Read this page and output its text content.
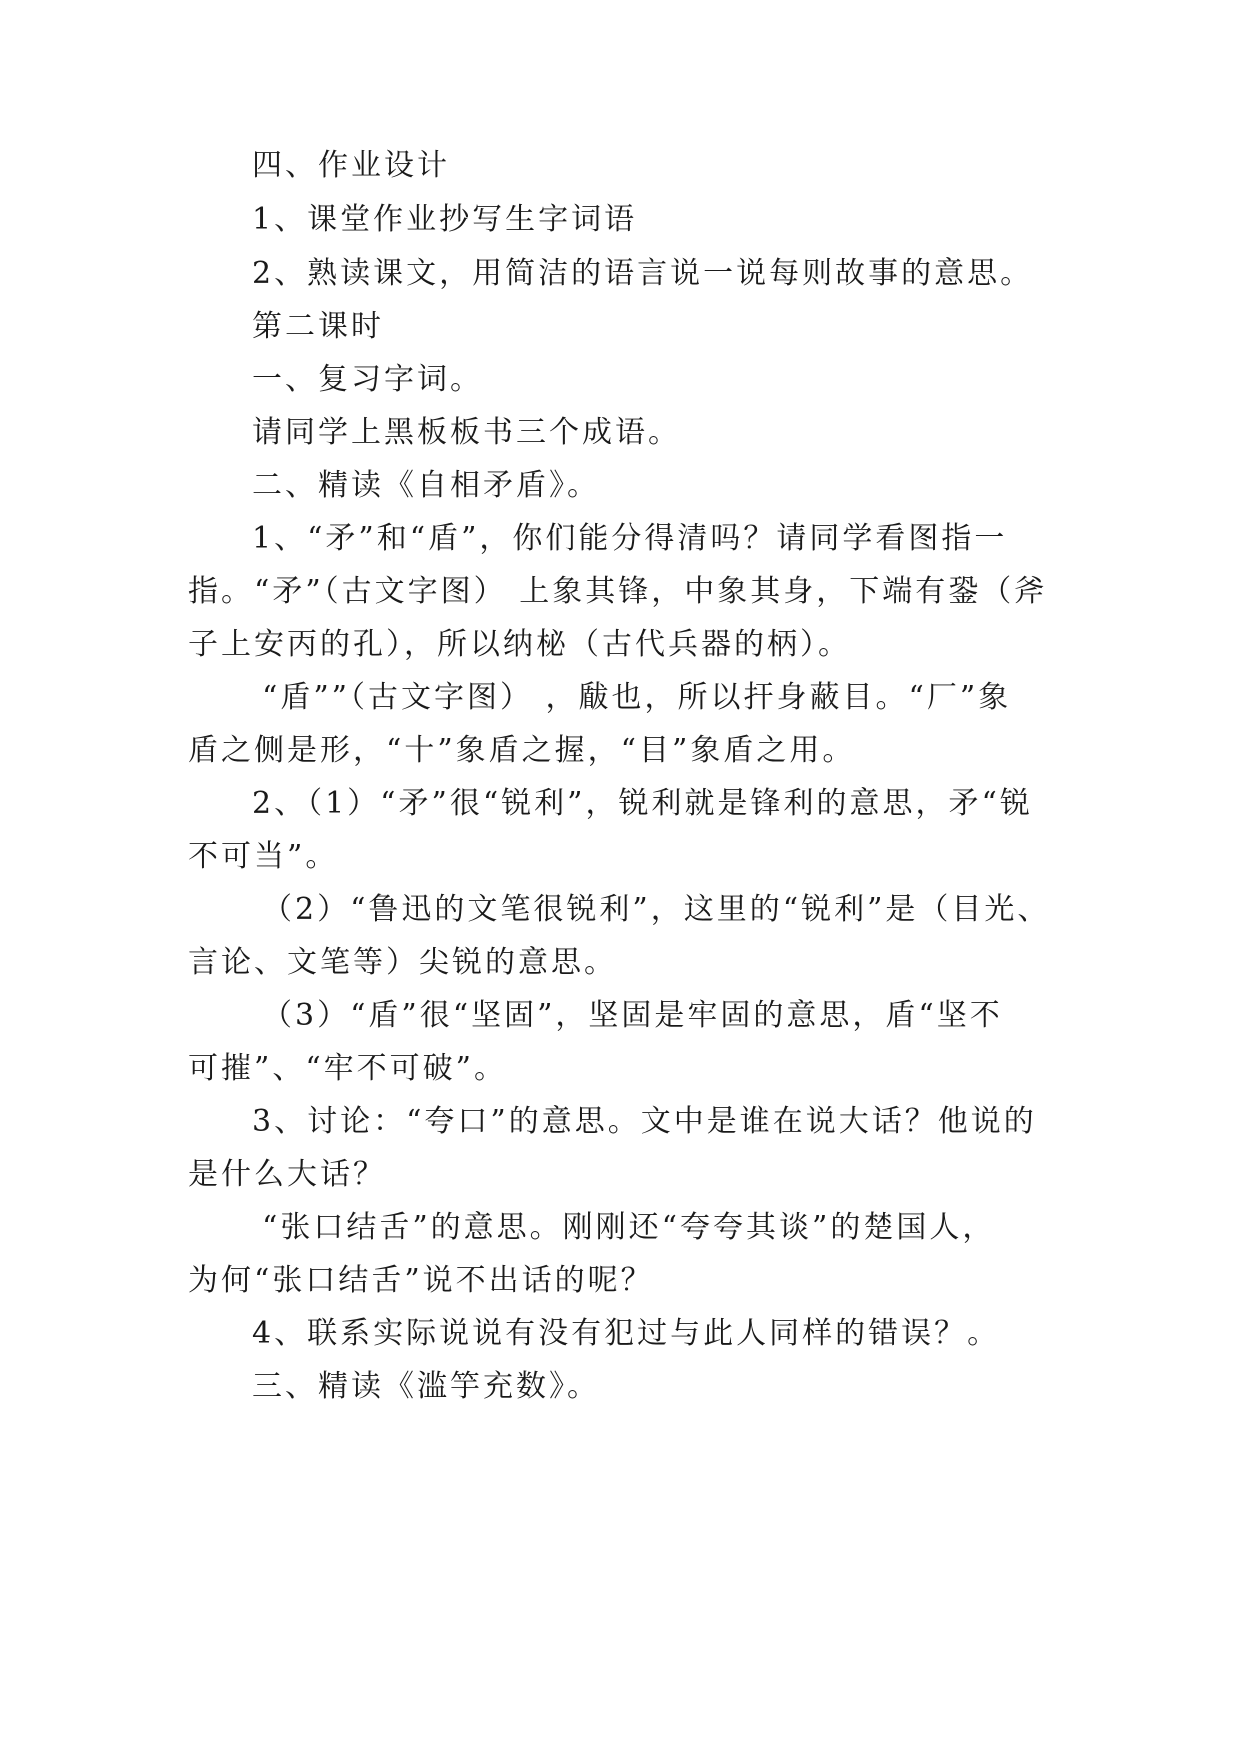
四、作业设计
1、课堂作业抄写生字词语
2、熟读课文，用简洁的语言说一说每则故事的意思。
第二课时
一、复习字词。
请同学上黑板板书三个成语。
二、精读《自相矛盾》。
1、“矛”和“盾”，你们能分得清吗？请同学看图指一
指。“矛”（古文字图） 上象其锋，中象其身，下端有銎（斧
子上安丙的孔），所以纳柲（古代兵器的柄）。
“盾””（古文字图） ，瞂也，所以扞身蔽目。“厂”象
盾之侧是形，“十”象盾之握，“目”象盾之用。
2、（1）“矛”很“锐利”，锐利就是锋利的意思，矛“锐
不可当”。
（2）“鲁迅的文笔很锐利”，这里的“锐利”是（目光、
言论、文笔等）尖锐的意思。
（3）“盾”很“坚固”，坚固是牢固的意思，盾“坚不
可摧”、“牢不可破”。
3、讨论：“夸口”的意思。文中是谁在说大话？他说的
是什么大话？
“张口结舌”的意思。刚刚还“夸夸其谈”的楚国人，
为何“张口结舌”说不出话的呢？
4、联系实际说说有没有犯过与此人同样的错误？。
三、精读《滥竽充数》。
